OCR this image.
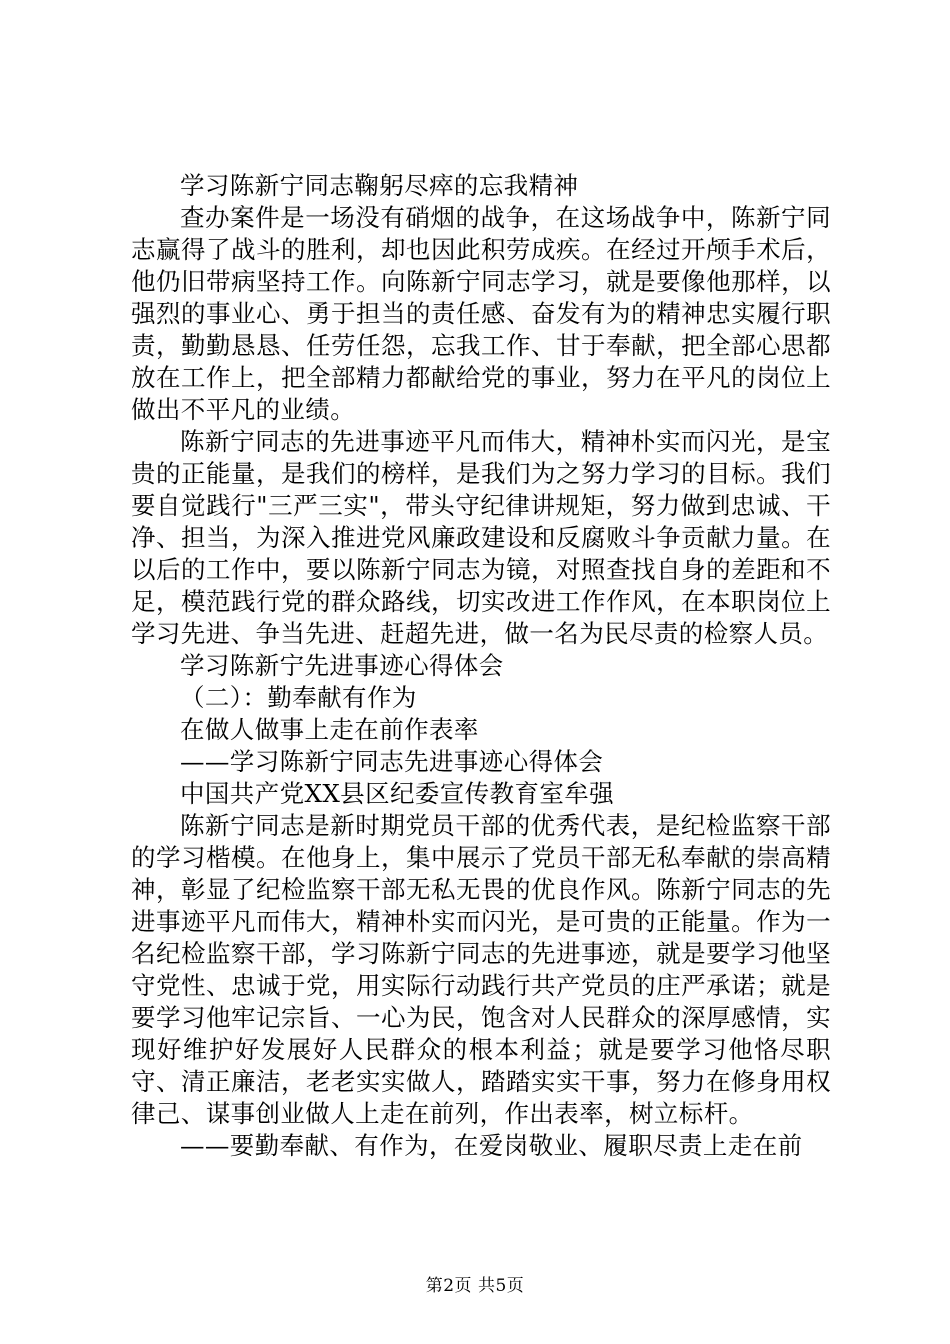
学习陈新宁同志鞠躬尽瘁的忘我精神

查办案件是一场没有硝烟的战争，在这场战争中，陈新宁同志赢得了战斗的胜利，却也因此积劳成疾。在经过开颅手术后，他仍旧带病坚持工作。向陈新宁同志学习，就是要像他那样，以强烈的事业心、勇于担当的责任感、奋发有为的精神忠实履行职责，勤勤恳恳、任劳任怨，忘我工作、甘于奉献，把全部心思都放在工作上，把全部精力都献给党的事业，努力在平凡的岗位上做出不平凡的业绩。

陈新宁同志的先进事迹平凡而伟大，精神朴实而闪光，是宝贵的正能量，是我们的榜样，是我们为之努力学习的目标。我们要自觉践行"三严三实"，带头守纪律讲规矩，努力做到忠诚、干净、担当，为深入推进党风廉政建设和反腐败斗争贡献力量。在以后的工作中，要以陈新宁同志为镜，对照查找自身的差距和不足，模范践行党的群众路线，切实改进工作作风，在本职岗位上学习先进、争当先进、赶超先进，做一名为民尽责的检察人员。

学习陈新宁先进事迹心得体会

（二）：勤奉献有作为

在做人做事上走在前作表率

——学习陈新宁同志先进事迹心得体会

中国共产党XX县区纪委宣传教育室牟强

陈新宁同志是新时期党员干部的优秀代表，是纪检监察干部的学习楷模。在他身上，集中展示了党员干部无私奉献的崇高精神，彰显了纪检监察干部无私无畏的优良作风。陈新宁同志的先进事迹平凡而伟大，精神朴实而闪光，是可贵的正能量。作为一名纪检监察干部，学习陈新宁同志的先进事迹，就是要学习他坚守党性、忠诚于党，用实际行动践行共产党员的庄严承诺；就是要学习他牢记宗旨、一心为民，饱含对人民群众的深厚感情，实现好维护好发展好人民群众的根本利益；就是要学习他恪尽职守、清正廉洁，老老实实做人，踏踏实实干事，努力在修身用权律己、谋事创业做人上走在前列，作出表率，树立标杆。

——要勤奉献、有作为，在爱岗敬业、履职尽责上走在前

第2页 共5页
